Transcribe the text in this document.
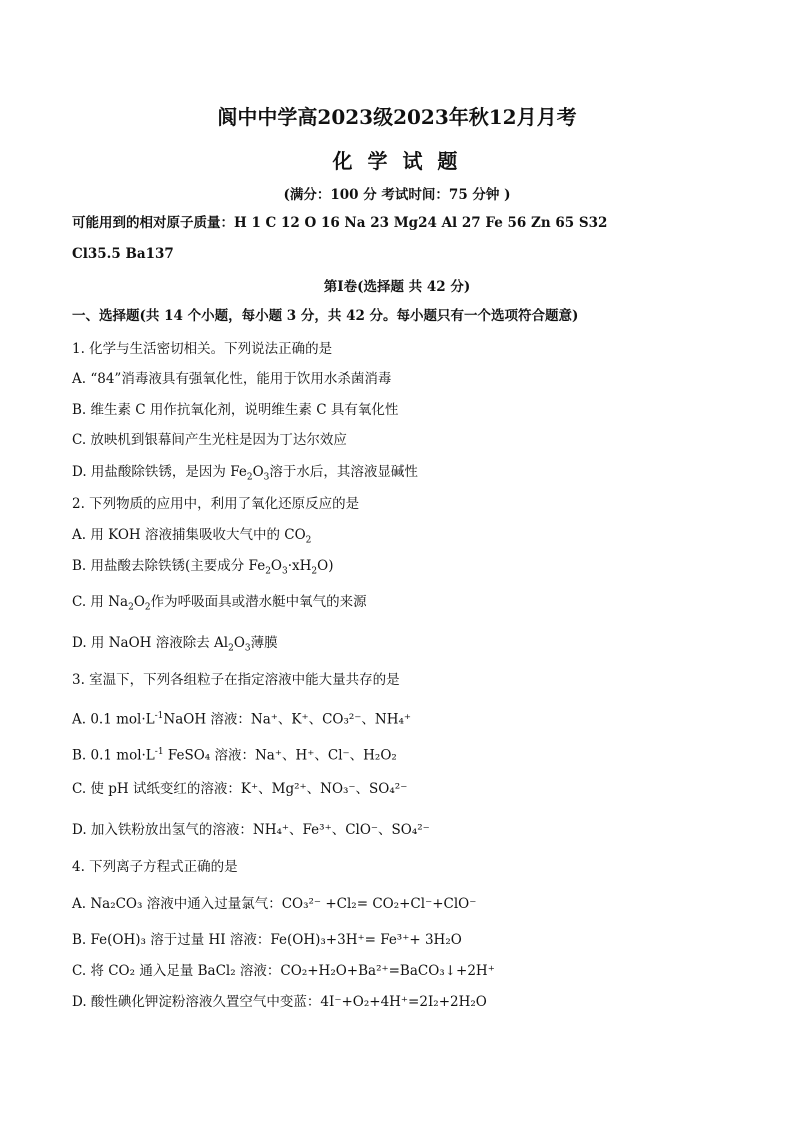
阆中中学高2023级2023年秋12月月考
化 学 试 题
(满分：100 分 考试时间：75 分钟 )
可能用到的相对原子质量：H 1 C 12 O 16 Na 23 Mg24 Al 27 Fe 56 Zn 65 S32
Cl35.5 Ba137
第Ⅰ卷(选择题 共 42 分)
一、选择题(共 14 个小题，每小题 3 分，共 42 分。每小题只有一个选项符合题意)
1. 化学与生活密切相关。下列说法正确的是
A. “84”消毒液具有强氧化性，能用于饮用水杀菌消毒
B. 维生素 C 用作抗氧化剂，说明维生素 C 具有氧化性
C. 放映机到银幕间产生光柱是因为丁达尔效应
D. 用盐酸除铁锈，是因为 $Fe_2O_3$溶于水后，其溶液显碱性
2. 下列物质的应用中，利用了氧化还原反应的是
A. 用 KOH 溶液捕集吸收大气中的 $CO_2$
B. 用盐酸去除铁锈(主要成分 $Fe_2O_3\cdot xH_2O$)
C. 用 $Na_2O_2$作为呼吸面具或潜水艇中氧气的来源
D. 用 NaOH 溶液除去 $Al_2O_3$薄膜
3. 室温下，下列各组粒子在指定溶液中能大量共存的是
A. 0.1 $mol\cdot L^{-1}NaOH$ 溶液：Na⁺、K⁺、CO₃²⁻、NH₄⁺
B. 0.1 $mol\cdot L^{-1}$ FeSO₄ 溶液：Na⁺、H⁺、Cl⁻、H₂O₂
C. 使 pH 试纸变红的溶液：K⁺、Mg²⁺、NO₃⁻、SO₄²⁻
D. 加入铁粉放出氢气的溶液：NH₄⁺、Fe³⁺、ClO⁻、SO₄²⁻
4. 下列离子方程式正确的是
A. Na₂CO₃ 溶液中通入过量氯气：CO₃²⁻ +Cl₂= CO₂+Cl⁻+ClO⁻
B. Fe(OH)₃ 溶于过量 HI 溶液：Fe(OH)₃+3H⁺= Fe³⁺+ 3H₂O
C. 将 CO₂ 通入足量 BaCl₂ 溶液：CO₂+H₂O+Ba²⁺=BaCO₃↓+2H⁺
D. 酸性碘化钾淀粉溶液久置空气中变蓝：4I⁻+O₂+4H⁺=2I₂+2H₂O
